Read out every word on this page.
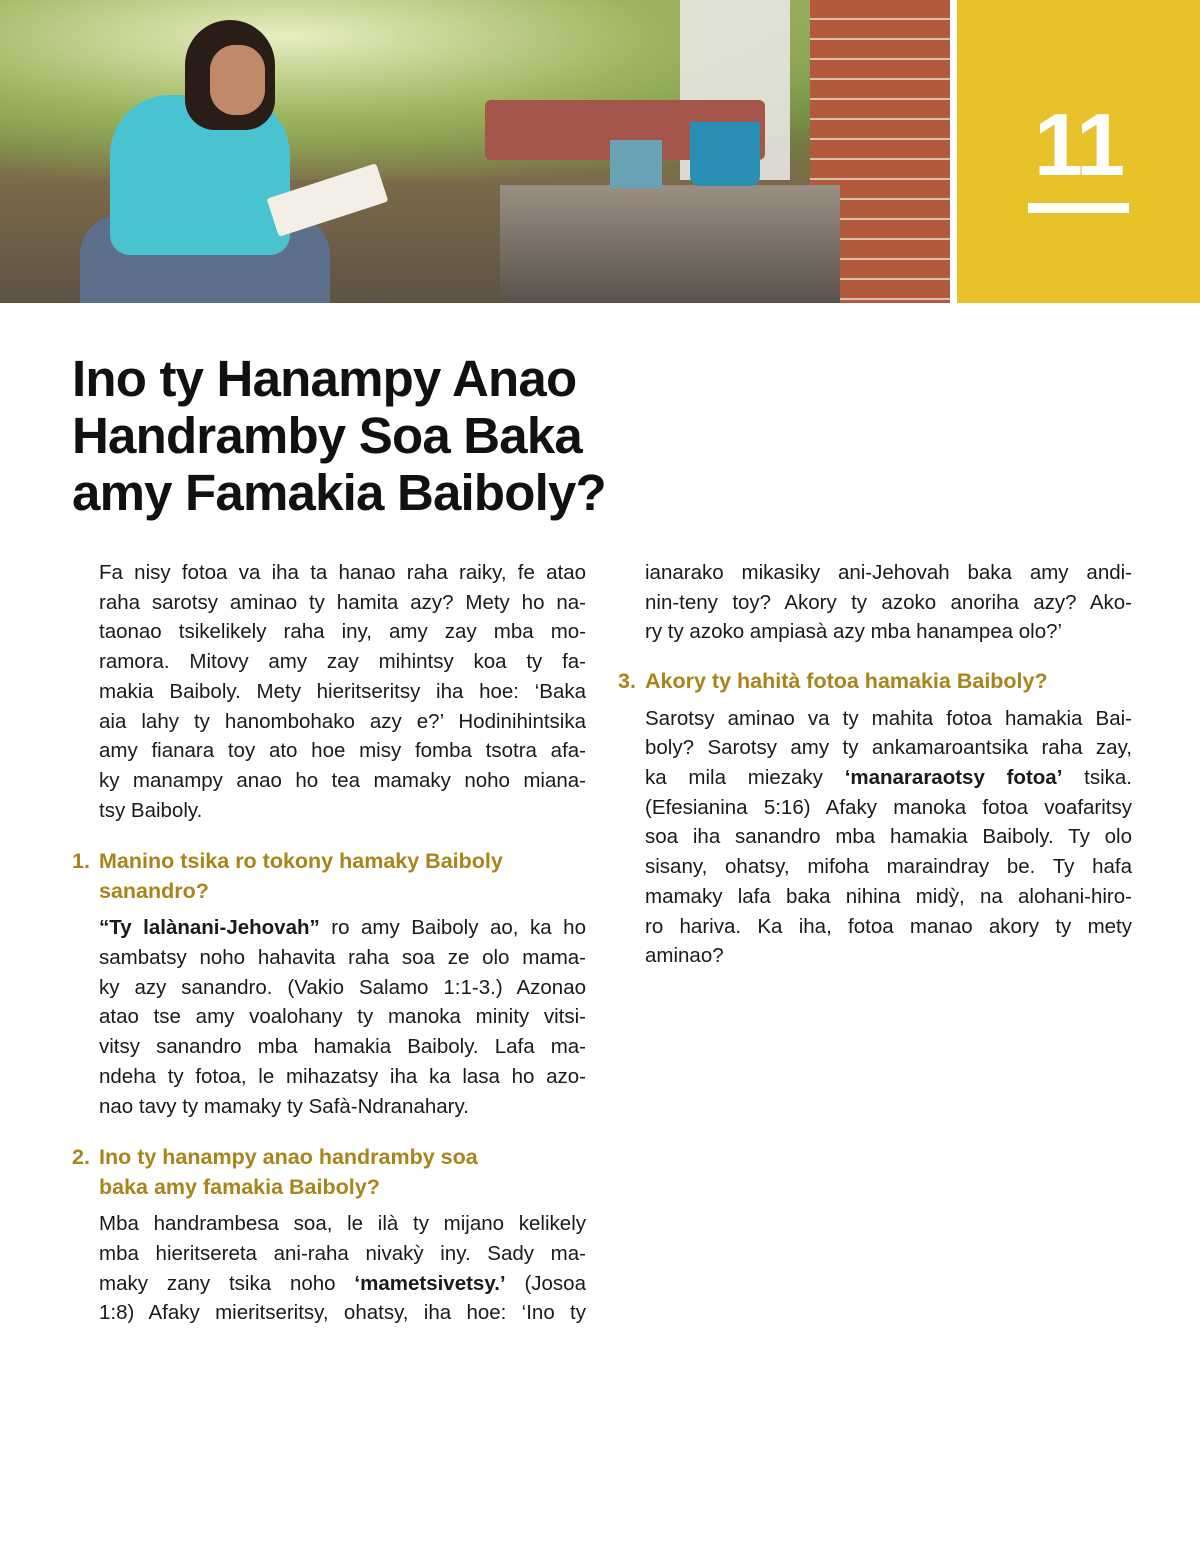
11
Ino ty Hanampy Anao
Handramby Soa Baka
amy Famakia Baiboly?
Fa nisy fotoa va iha ta hanao raha raiky, fe atao
raha sarotsy aminao ty hamita azy? Mety ho na-
taonao tsikelikely raha iny, amy zay mba mo-
ramora. Mitovy amy zay mihintsy koa ty fa-
makia Baiboly. Mety hieritseritsy iha hoe: ‘Baka
aia lahy ty hanombohako azy e?’ Hodinihintsika
amy fianara toy ato hoe misy fomba tsotra afa-
ky manampy anao ho tea mamaky noho miana-
tsy Baiboly.
1. Manino tsika ro tokony hamaky Baiboly
sanandro?
“Ty lalànani-Jehovah” ro amy Baiboly ao, ka ho
sambatsy noho hahavita raha soa ze olo mama-
ky azy sanandro. (Vakio Salamo 1:1-3.) Azonao
atao tse amy voalohany ty manoka minity vitsi-
vitsy sanandro mba hamakia Baiboly. Lafa ma-
ndeha ty fotoa, le mihazatsy iha ka lasa ho azo-
nao tavy ty mamaky ty Safà-Ndranahary.
2. Ino ty hanampy anao handramby soa
baka amy famakia Baiboly?
Mba handrambesa soa, le ilà ty mijano kelikely
mba hieritsereta ani-raha nivakỳ iny. Sady ma-
maky zany tsika noho ‘mametsivetsy.’ (Josoa
1:8) Afaky mieritseritsy, ohatsy, iha hoe: ‘Ino ty
ianarako mikasiky ani-Jehovah baka amy andi-
nin-teny toy? Akory ty azoko anoriha azy? Ako-
ry ty azoko ampiasà azy mba hanampea olo?’
3. Akory ty hahità fotoa hamakia Baiboly?
Sarotsy aminao va ty mahita fotoa hamakia Bai-
boly? Sarotsy amy ty ankamaroantsika raha zay,
ka mila miezaky ‘manararaotsy fotoa’ tsika.
(Efesianina 5:16) Afaky manoka fotoa voafaritsy
soa iha sanandro mba hamakia Baiboly. Ty olo
sisany, ohatsy, mifoha maraindray be. Ty hafa
mamaky lafa baka nihina midỳ, na alohani-hiro-
ro hariva. Ka iha, fotoa manao akory ty mety
aminao?
